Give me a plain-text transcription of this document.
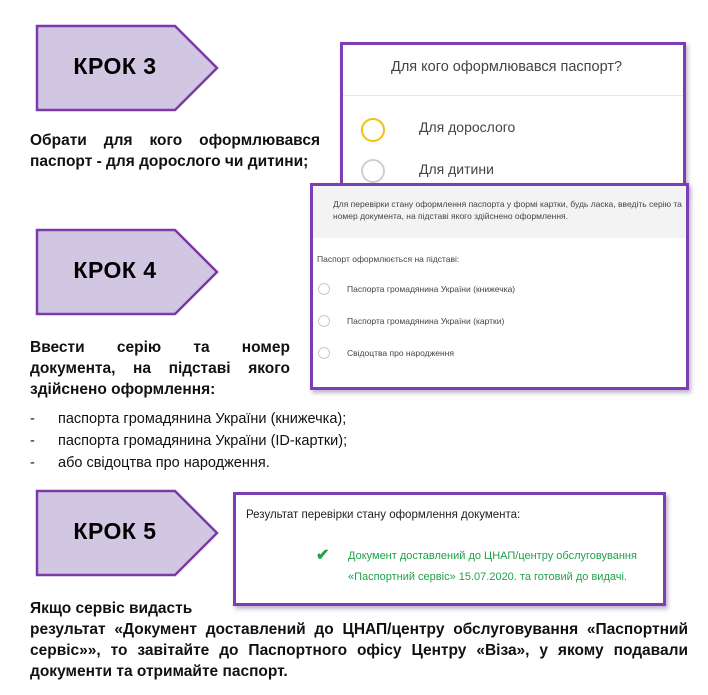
КРОК 3
Обрати для кого оформлювався паспорт - для дорослого чи дитини;
Для кого оформлювався паспорт?
Для дорослого
Для дитини
КРОК 4
Ввести серію та номер документа, на підставі якого здійснено оформлення:
Для перевірки стану оформлення паспорта у формі картки, будь ласка, введіть серію та номер документа, на підставі якого здійснено оформлення.
Паспорт оформлюється на підставі:
Паспорта громадянина України (книжечка)
Паспорта громадянина України (картки)
Свідоцтва про народження
-	паспорта громадянина України (книжечка);
-	паспорта громадянина України (ID-картки);
-	або свідоцтва про народження.
КРОК 5
Результат перевірки стану оформлення документа:
✔ Документ доставлений до ЦНАП/центру обслуговування
«Паспортний сервіс» 15.07.2020. та готовий до видачі.
Якщо сервіс видасть
результат «Документ доставлений до ЦНАП/центру обслуговування «Паспортний сервіс»», то завітайте до Паспортного офісу Центру «Віза», у якому подавали документи та отримайте паспорт.
